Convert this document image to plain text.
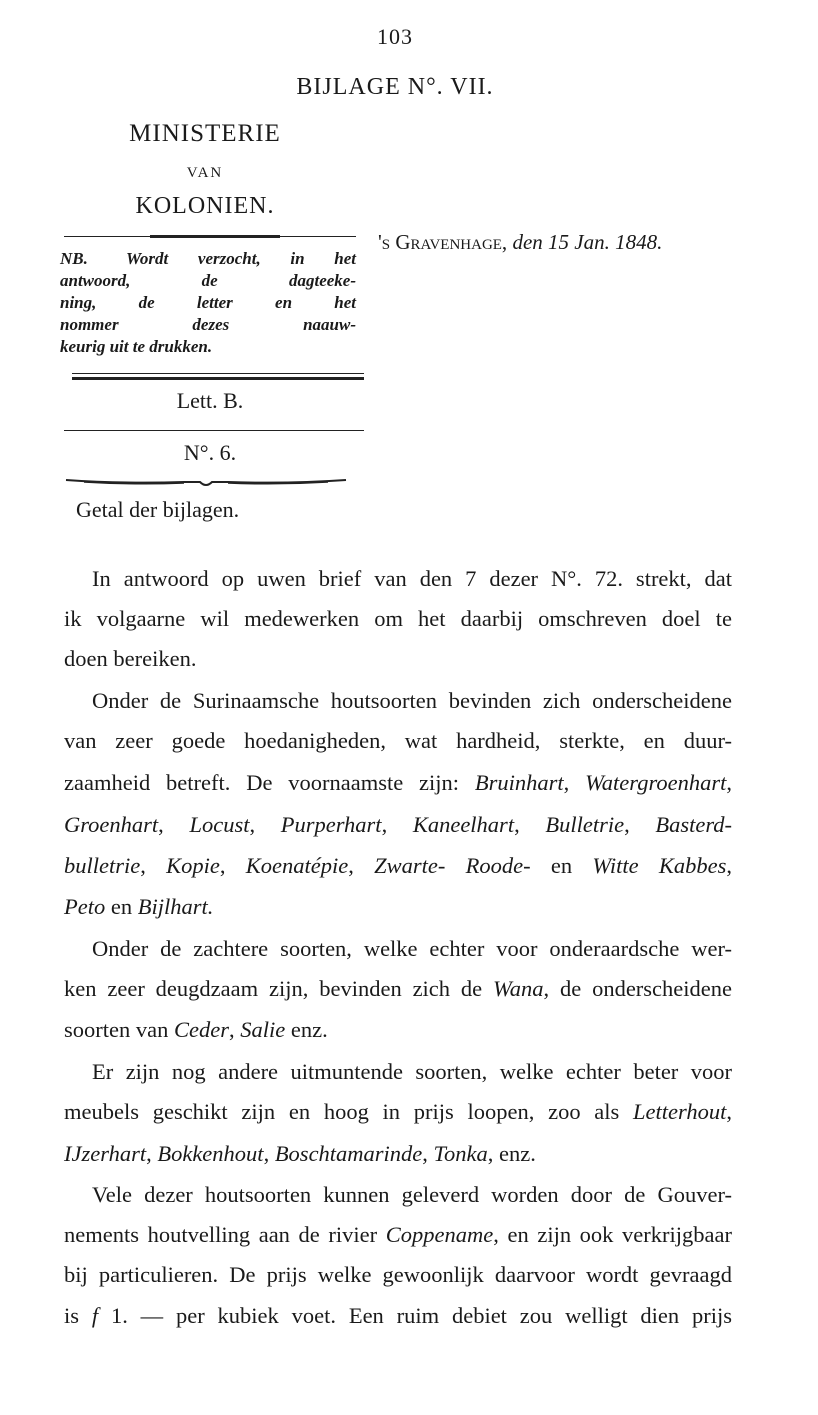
103
BIJLAGE N°. VII.
MINISTERIE
VAN
KOLONIEN.
's Gravenhage, den 15 Jan. 1848.
NB. Wordt verzocht, in het
antwoord, de dagteeke-
ning, de letter en het
nommer dezes naauw-
keurig uit te drukken.
Lett. B.
N°. 6.
Getal der bijlagen.
In antwoord op uwen brief van den 7 dezer N°. 72. strekt, dat
ik volgaarne wil medewerken om het daarbij omschreven doel te
doen bereiken.
Onder de Surinaamsche houtsoorten bevinden zich onderscheidene
van zeer goede hoedanigheden, wat hardheid, sterkte, en duur-
zaamheid betreft. De voornaamste zijn: Bruinhart, Watergroenhart,
Groenhart, Locust, Purperhart, Kaneelhart, Bulletrie, Basterd-
bulletrie, Kopie, Koenatépie, Zwarte- Roode- en Witte Kabbes,
Peto en Bijlhart.
Onder de zachtere soorten, welke echter voor onderaardsche wer-
ken zeer deugdzaam zijn, bevinden zich de Wana, de onderscheidene
soorten van Ceder, Salie enz.
Er zijn nog andere uitmuntende soorten, welke echter beter voor
meubels geschikt zijn en hoog in prijs loopen, zoo als Letterhout,
IJzerhart, Bokkenhout, Boschtamarinde, Tonka, enz.
Vele dezer houtsoorten kunnen geleverd worden door de Gouver-
nements houtvelling aan de rivier Coppename, en zijn ook verkrijgbaar
bij particulieren. De prijs welke gewoonlijk daarvoor wordt gevraagd
is f 1. — per kubiek voet. Een ruim debiet zou welligt dien prijs
